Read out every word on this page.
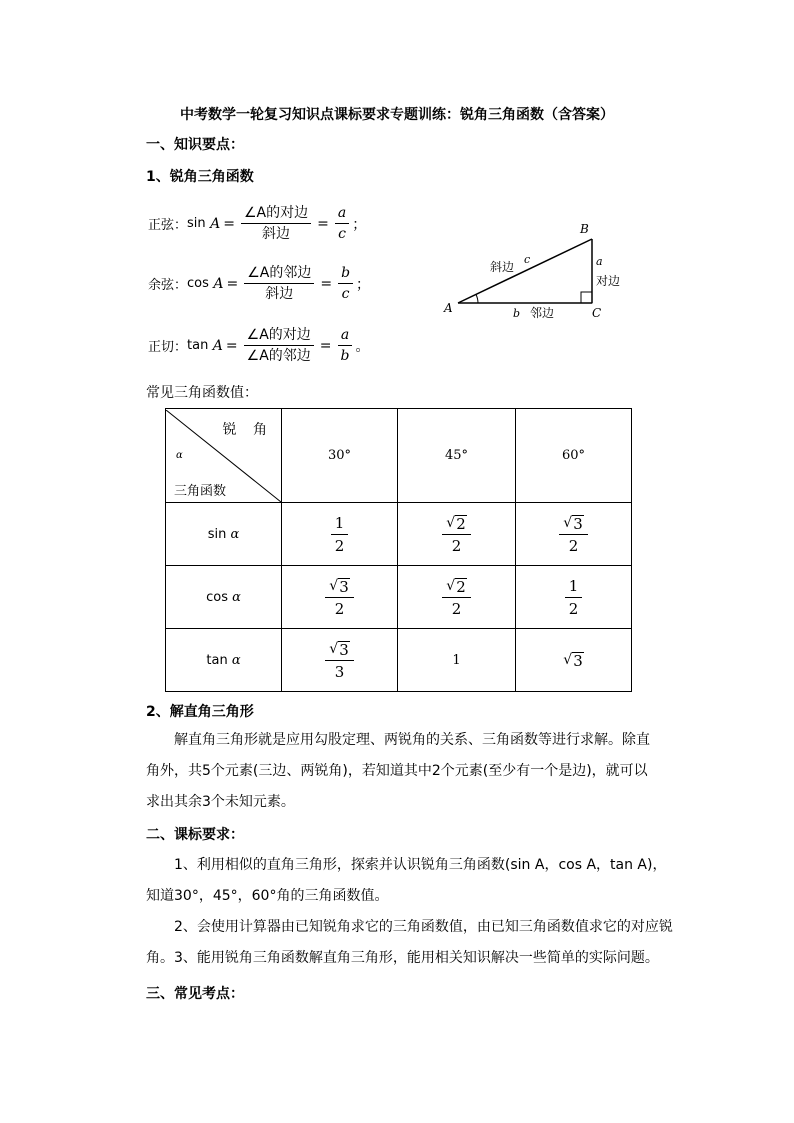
中考数学一轮复习知识点课标要求专题训练：锐角三角函数（含答案）
一、知识要点：
1、锐角三角函数
正弦： sin
$A = \frac{\text{∠A的对边}}{\text{斜边}} = \frac{a}{c}$ ；
余弦： cos
$A = \frac{\text{∠A的邻边}}{\text{斜边}} = \frac{b}{c}$ ；
正切： tan
$A = \frac{\text{∠A的对边}}{\text{∠A的邻边}} = \frac{a}{b}$ 。
A
B
C
斜边
c	a
对边
b 邻边
常见三角函数值：
锐 角
α
三角函数	30°	45°	60°
sin α	$\frac{1}{2}$	$\frac{√ 2}{2}$	$\frac{√ 3}{2}$

cos α	$\frac{√ 3}{2}$	$\frac{√ 2}{2}$	$\frac{1}{2}$

tan α	$\frac{√ 3}{3}$	1	√ 3
2、解直角三角形
解直角三角形就是应用勾股定理、两锐角的关系、三角函数等进行求解。除直角外，共5个元素(三边、两锐角)，若知道其中2个元素(至少有一个是边)，就可以求出其余3个未知元素。
二、课标要求：
1、利用相似的直角三角形，探索并认识锐角三角函数(sin A，cos A，tan A)，知道30°，45°，60°角的三角函数值。
2、会使用计算器由已知锐角求它的三角函数值，由已知三角函数值求它的对应锐角。 3、能用锐角三角函数解直角三角形，能用相关知识解决一些简单的实际问题。
三、常见考点：
